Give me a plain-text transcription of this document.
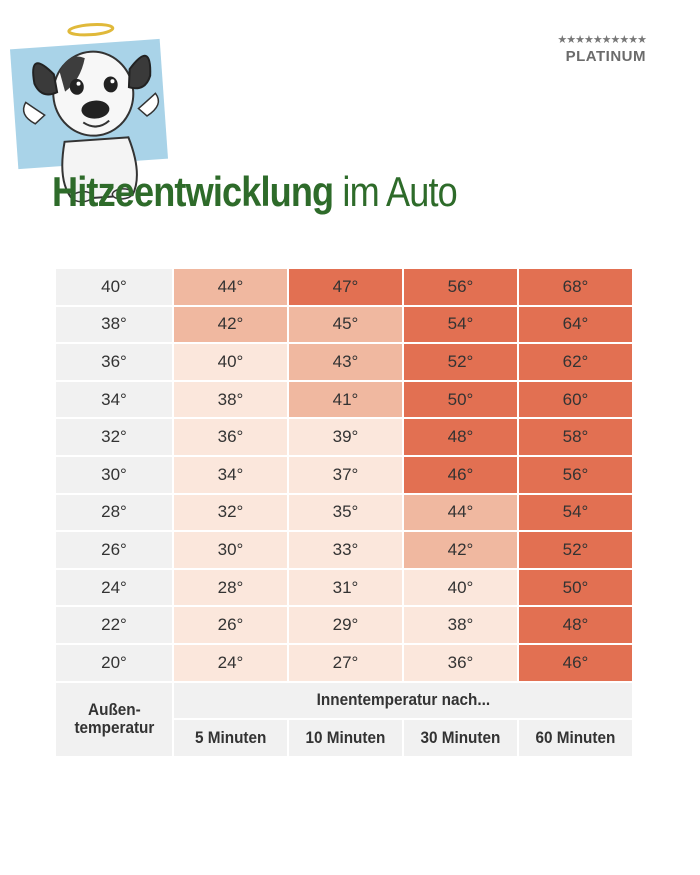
★★★★★★★★★★
PLATINUM
Hitzeentwicklung im Auto
40°	44°	47°	56°	68°
38°	42°	45°	54°	64°
36°	40°	43°	52°	62°
34°	38°	41°	50°	60°
32°	36°	39°	48°	58°
30°	34°	37°	46°	56°
28°	32°	35°	44°	54°
26°	30°	33°	42°	52°
24°	28°	31°	40°	50°
22°	26°	29°	38°	48°
20°	24°	27°	36°	46°
Außen-
temperatur	Innentemperatur nach...			
	5 Minuten	10 Minuten	30 Minuten	60 Minuten
